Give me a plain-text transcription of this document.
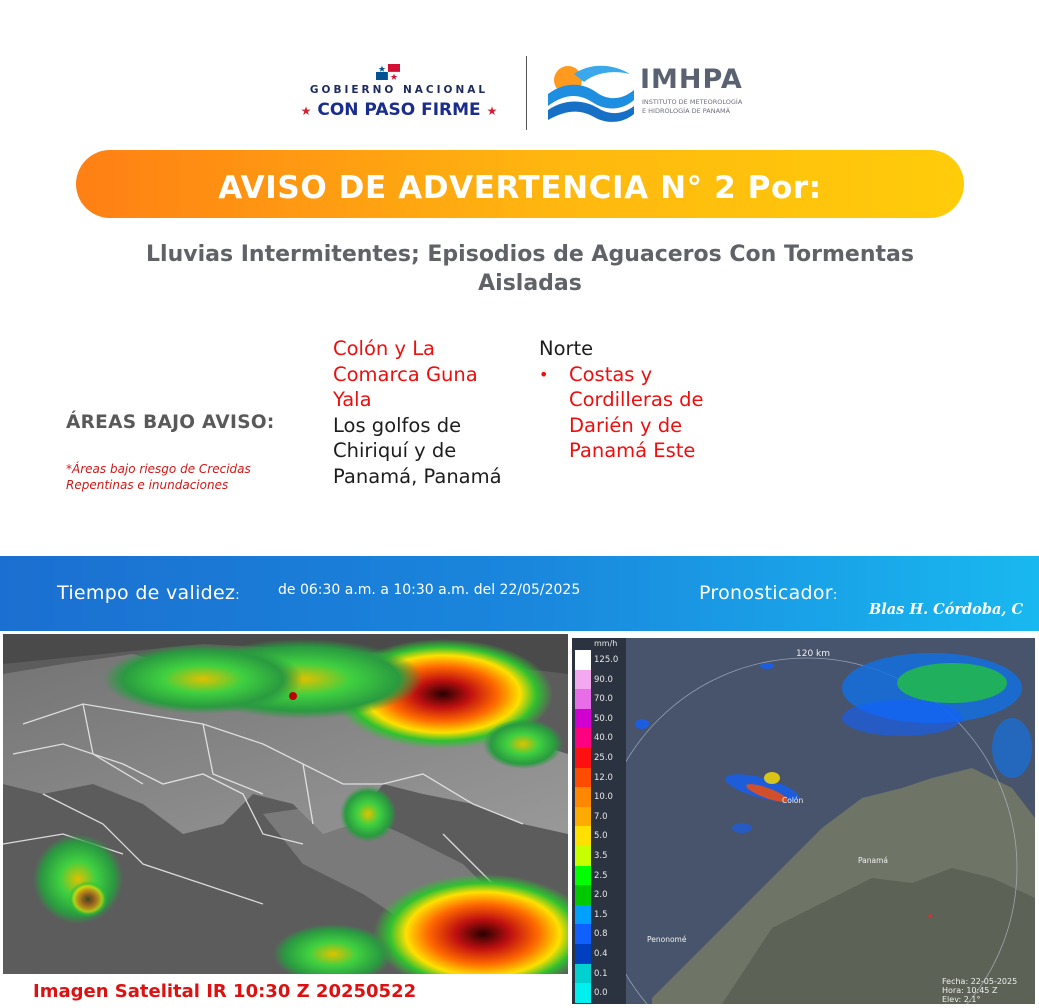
GOBIERNO NACIONAL
★ CON PASO FIRME ★
IMHPA
INSTITUTO DE METEOROLOGÍA
E HIDROLOGÍA DE PANAMÁ
AVISO DE ADVERTENCIA N° 2 Por:
Lluvias Intermitentes; Episodios de Aguaceros Con Tormentas
Aisladas
ÁREAS BAJO AVISO:
*Áreas bajo riesgo de Crecidas Repentinas e inundaciones
Colón y La
Comarca Guna
Yala
Los golfos de
Chiriquí y de
Panamá, Panamá
Norte
•	Costas y
Cordilleras de
Darién y de
Panamá Este
Tiempo de validez:	de 06:30 a.m. a 10:30 a.m. del 22/05/2025	Pronosticador:
Blas H. Córdoba, C
Imagen Satelital IR 10:30 Z 20250522
120 km
Colón
Panamá
Penonomé
mm/h
125.0
90.0
70.0
50.0
40.0
25.0
12.0
10.0
7.0
5.0
3.5
2.5
2.0
1.5
0.8
0.4
0.1
0.0
Fecha: 22-05-2025
Hora: 10:45 Z
Elev: 2.1°
